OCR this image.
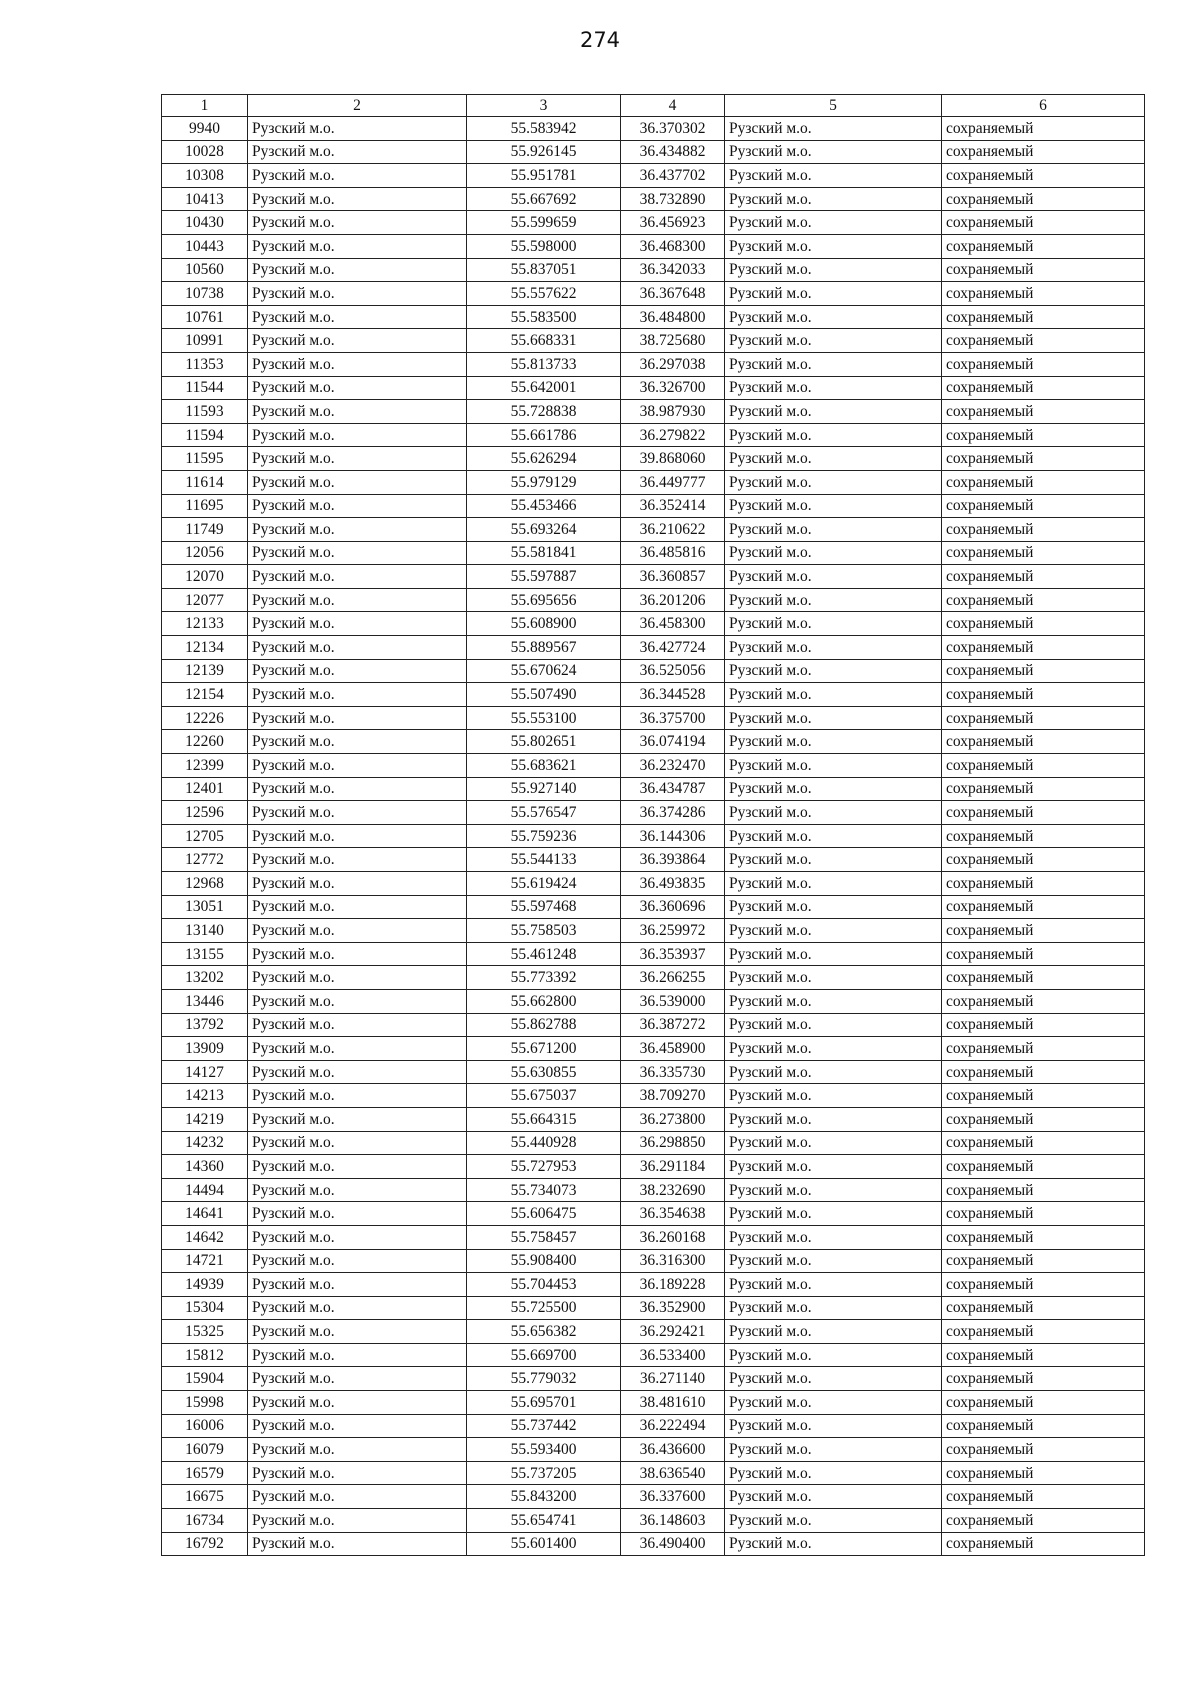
274
1	2	3	4	5	6
9940	Рузский м.о.	55.583942	36.370302	Рузский м.о.	сохраняемый
10028	Рузский м.о.	55.926145	36.434882	Рузский м.о.	сохраняемый
10308	Рузский м.о.	55.951781	36.437702	Рузский м.о.	сохраняемый
10413	Рузский м.о.	55.667692	38.732890	Рузский м.о.	сохраняемый
10430	Рузский м.о.	55.599659	36.456923	Рузский м.о.	сохраняемый
10443	Рузский м.о.	55.598000	36.468300	Рузский м.о.	сохраняемый
10560	Рузский м.о.	55.837051	36.342033	Рузский м.о.	сохраняемый
10738	Рузский м.о.	55.557622	36.367648	Рузский м.о.	сохраняемый
10761	Рузский м.о.	55.583500	36.484800	Рузский м.о.	сохраняемый
10991	Рузский м.о.	55.668331	38.725680	Рузский м.о.	сохраняемый
11353	Рузский м.о.	55.813733	36.297038	Рузский м.о.	сохраняемый
11544	Рузский м.о.	55.642001	36.326700	Рузский м.о.	сохраняемый
11593	Рузский м.о.	55.728838	38.987930	Рузский м.о.	сохраняемый
11594	Рузский м.о.	55.661786	36.279822	Рузский м.о.	сохраняемый
11595	Рузский м.о.	55.626294	39.868060	Рузский м.о.	сохраняемый
11614	Рузский м.о.	55.979129	36.449777	Рузский м.о.	сохраняемый
11695	Рузский м.о.	55.453466	36.352414	Рузский м.о.	сохраняемый
11749	Рузский м.о.	55.693264	36.210622	Рузский м.о.	сохраняемый
12056	Рузский м.о.	55.581841	36.485816	Рузский м.о.	сохраняемый
12070	Рузский м.о.	55.597887	36.360857	Рузский м.о.	сохраняемый
12077	Рузский м.о.	55.695656	36.201206	Рузский м.о.	сохраняемый
12133	Рузский м.о.	55.608900	36.458300	Рузский м.о.	сохраняемый
12134	Рузский м.о.	55.889567	36.427724	Рузский м.о.	сохраняемый
12139	Рузский м.о.	55.670624	36.525056	Рузский м.о.	сохраняемый
12154	Рузский м.о.	55.507490	36.344528	Рузский м.о.	сохраняемый
12226	Рузский м.о.	55.553100	36.375700	Рузский м.о.	сохраняемый
12260	Рузский м.о.	55.802651	36.074194	Рузский м.о.	сохраняемый
12399	Рузский м.о.	55.683621	36.232470	Рузский м.о.	сохраняемый
12401	Рузский м.о.	55.927140	36.434787	Рузский м.о.	сохраняемый
12596	Рузский м.о.	55.576547	36.374286	Рузский м.о.	сохраняемый
12705	Рузский м.о.	55.759236	36.144306	Рузский м.о.	сохраняемый
12772	Рузский м.о.	55.544133	36.393864	Рузский м.о.	сохраняемый
12968	Рузский м.о.	55.619424	36.493835	Рузский м.о.	сохраняемый
13051	Рузский м.о.	55.597468	36.360696	Рузский м.о.	сохраняемый
13140	Рузский м.о.	55.758503	36.259972	Рузский м.о.	сохраняемый
13155	Рузский м.о.	55.461248	36.353937	Рузский м.о.	сохраняемый
13202	Рузский м.о.	55.773392	36.266255	Рузский м.о.	сохраняемый
13446	Рузский м.о.	55.662800	36.539000	Рузский м.о.	сохраняемый
13792	Рузский м.о.	55.862788	36.387272	Рузский м.о.	сохраняемый
13909	Рузский м.о.	55.671200	36.458900	Рузский м.о.	сохраняемый
14127	Рузский м.о.	55.630855	36.335730	Рузский м.о.	сохраняемый
14213	Рузский м.о.	55.675037	38.709270	Рузский м.о.	сохраняемый
14219	Рузский м.о.	55.664315	36.273800	Рузский м.о.	сохраняемый
14232	Рузский м.о.	55.440928	36.298850	Рузский м.о.	сохраняемый
14360	Рузский м.о.	55.727953	36.291184	Рузский м.о.	сохраняемый
14494	Рузский м.о.	55.734073	38.232690	Рузский м.о.	сохраняемый
14641	Рузский м.о.	55.606475	36.354638	Рузский м.о.	сохраняемый
14642	Рузский м.о.	55.758457	36.260168	Рузский м.о.	сохраняемый
14721	Рузский м.о.	55.908400	36.316300	Рузский м.о.	сохраняемый
14939	Рузский м.о.	55.704453	36.189228	Рузский м.о.	сохраняемый
15304	Рузский м.о.	55.725500	36.352900	Рузский м.о.	сохраняемый
15325	Рузский м.о.	55.656382	36.292421	Рузский м.о.	сохраняемый
15812	Рузский м.о.	55.669700	36.533400	Рузский м.о.	сохраняемый
15904	Рузский м.о.	55.779032	36.271140	Рузский м.о.	сохраняемый
15998	Рузский м.о.	55.695701	38.481610	Рузский м.о.	сохраняемый
16006	Рузский м.о.	55.737442	36.222494	Рузский м.о.	сохраняемый
16079	Рузский м.о.	55.593400	36.436600	Рузский м.о.	сохраняемый
16579	Рузский м.о.	55.737205	38.636540	Рузский м.о.	сохраняемый
16675	Рузский м.о.	55.843200	36.337600	Рузский м.о.	сохраняемый
16734	Рузский м.о.	55.654741	36.148603	Рузский м.о.	сохраняемый
16792	Рузский м.о.	55.601400	36.490400	Рузский м.о.	сохраняемый
